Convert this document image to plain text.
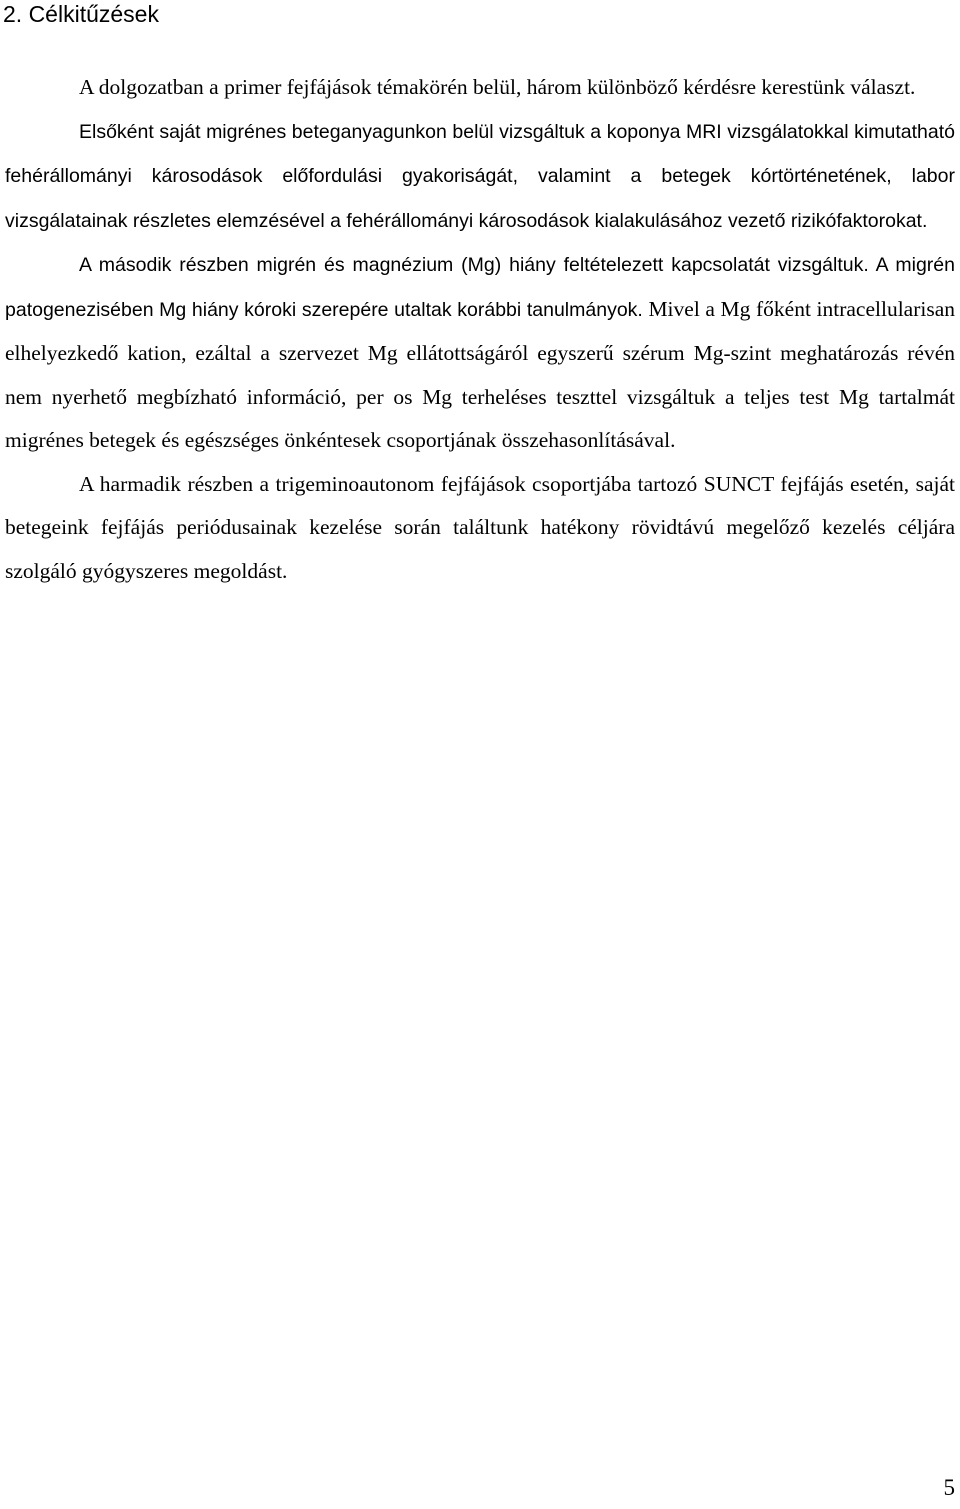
2. Célkitűzések

A dolgozatban a primer fejfájások témakörén belül, három különböző kérdésre kerestünk választ.

Elsőként saját migrénes beteganyagunkon belül vizsgáltuk a koponya MRI vizsgálatokkal kimutatható fehérállományi károsodások előfordulási gyakoriságát, valamint a betegek kórtörténetének, labor vizsgálatainak részletes elemzésével a fehérállományi károsodások kialakulásához vezető rizikófaktorokat.

A második részben migrén és magnézium (Mg) hiány feltételezett kapcsolatát vizsgáltuk. A migrén patogenezisében Mg hiány kóroki szerepére utaltak korábbi tanulmányok. Mivel a Mg főként intracellularisan elhelyezkedő kation, ezáltal a szervezet Mg ellátottságáról egyszerű szérum Mg-szint meghatározás révén nem nyerhető megbízható információ, per os Mg terheléses teszttel vizsgáltuk a teljes test Mg tartalmát migrénes betegek és egészséges önkéntesek csoportjának összehasonlításával.

A harmadik részben a trigeminoautonom fejfájások csoportjába tartozó SUNCT fejfájás esetén, saját betegeink fejfájás periódusainak kezelése során találtunk hatékony rövidtávú megelőző kezelés céljára szolgáló gyógyszeres megoldást.

5
